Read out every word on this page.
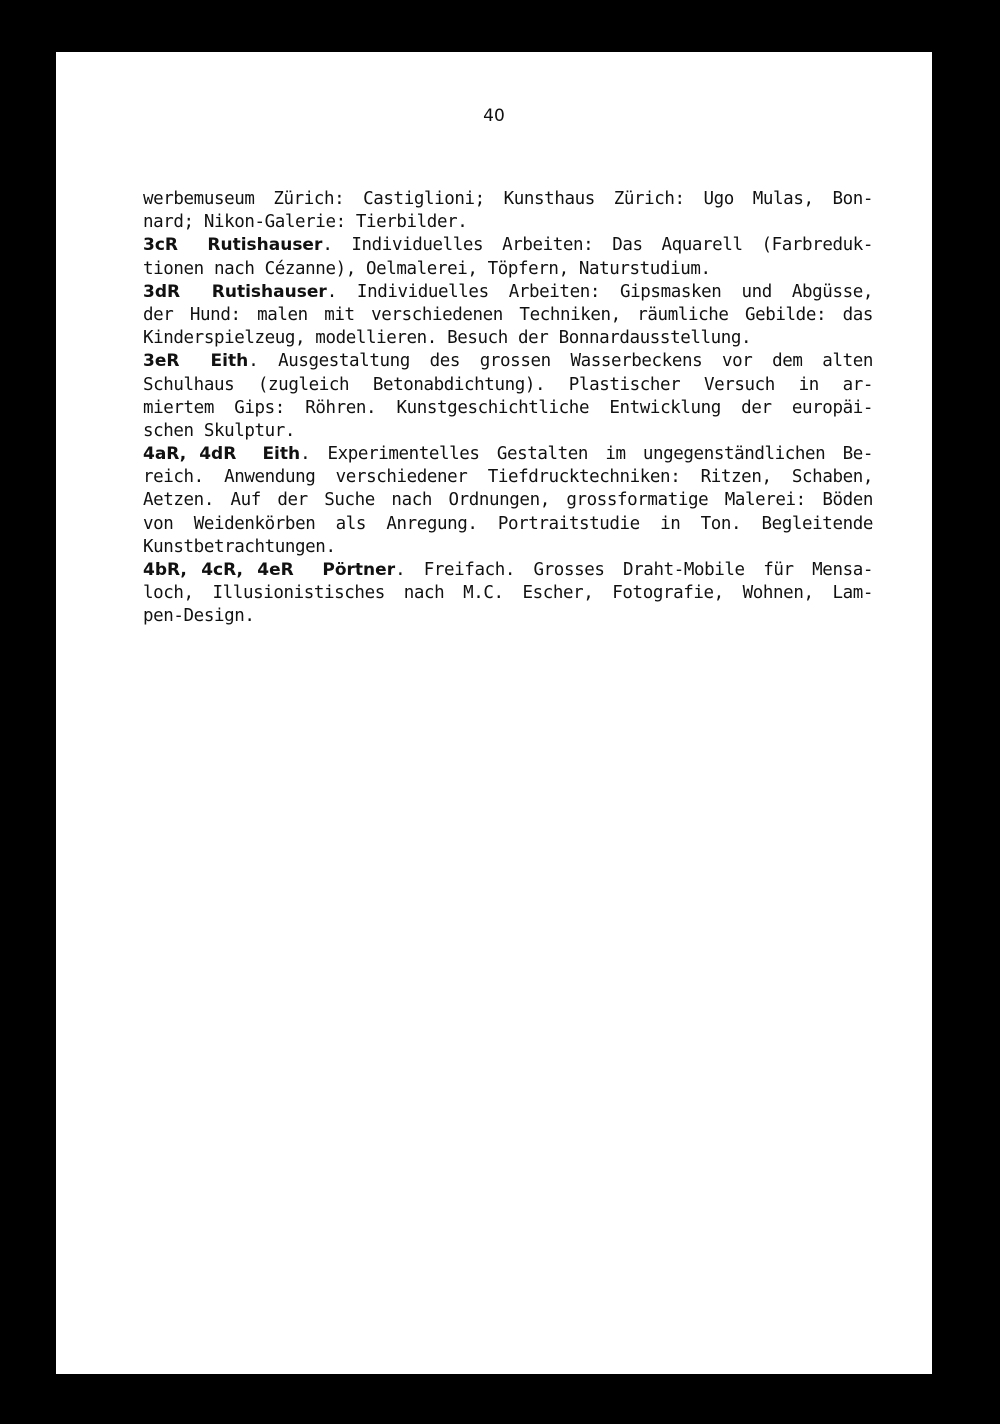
40
werbemuseum Zürich: Castiglioni; Kunsthaus Zürich: Ugo Mulas, Bon-
nard; Nikon-Galerie: Tierbilder.
3cR  Rutishauser. Individuelles Arbeiten: Das Aquarell (Farbreduk-
tionen nach Cézanne), Oelmalerei, Töpfern, Naturstudium.
3dR  Rutishauser. Individuelles Arbeiten: Gipsmasken und Abgüsse,
der Hund: malen mit verschiedenen Techniken, räumliche Gebilde: das
Kinderspielzeug, modellieren. Besuch der Bonnardausstellung.
3eR  Eith. Ausgestaltung des grossen Wasserbeckens vor dem alten
Schulhaus (zugleich Betonabdichtung). Plastischer Versuch in ar-
miertem Gips: Röhren. Kunstgeschichtliche Entwicklung der europäi-
schen Skulptur.
4aR, 4dR  Eith. Experimentelles Gestalten im ungegenständlichen Be-
reich. Anwendung verschiedener Tiefdrucktechniken: Ritzen, Schaben,
Aetzen. Auf der Suche nach Ordnungen, grossformatige Malerei: Böden
von Weidenkörben als Anregung. Portraitstudie in Ton. Begleitende
Kunstbetrachtungen.
4bR, 4cR, 4eR  Pörtner. Freifach. Grosses Draht-Mobile für Mensa-
loch, Illusionistisches nach M.C. Escher, Fotografie, Wohnen, Lam-
pen-Design.
